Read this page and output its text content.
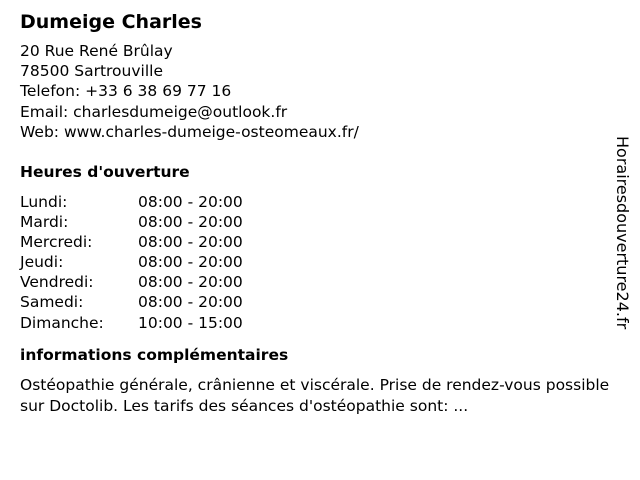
Dumeige Charles
20 Rue René Brûlay
78500 Sartrouville
Telefon: +33 6 38 69 77 16
Email: charlesdumeige@outlook.fr
Web: www.charles-dumeige-osteomeaux.fr/
Heures d'ouverture
Lundi:	08:00 - 20:00
Mardi:	08:00 - 20:00
Mercredi:	08:00 - 20:00
Jeudi:	08:00 - 20:00
Vendredi:	08:00 - 20:00
Samedi:	08:00 - 20:00
Dimanche:	10:00 - 15:00
informations complémentaires
Ostéopathie générale, crânienne et viscérale. Prise de rendez-vous possible sur Doctolib. Les tarifs des séances d'ostéopathie sont: ...
Horairesdouverture24.fr
